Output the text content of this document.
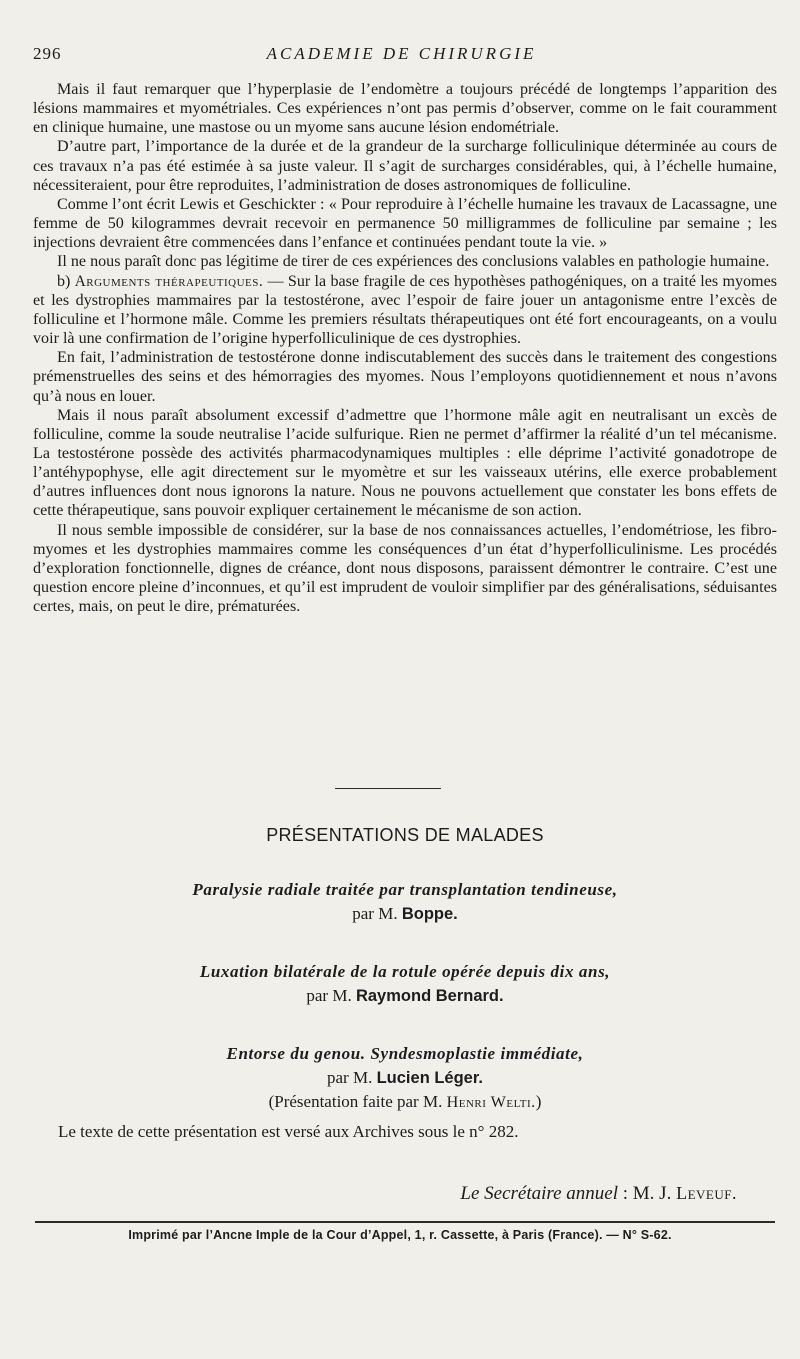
296	ACADEMIE DE CHIRURGIE

Mais il faut remarquer que l’hyperplasie de l’endomètre a toujours précédé de longtemps l’apparition des lésions mammaires et myométriales. Ces expériences n’ont pas permis d’observer, comme on le fait couramment en clinique humaine, une mastose ou un myome sans aucune lésion endométriale.

D’autre part, l’importance de la durée et de la grandeur de la surcharge folliculinique déterminée au cours de ces travaux n’a pas été estimée à sa juste valeur. Il s’agit de surcharges considérables, qui, à l’échelle humaine, nécessiteraient, pour être reproduites, l’administration de doses astronomiques de folliculine.

Comme l’ont écrit Lewis et Geschickter : « Pour reproduire à l’échelle humaine les travaux de Lacassagne, une femme de 50 kilogrammes devrait recevoir en permanence 50 milligrammes de folliculine par semaine ; les injections devraient être commencées dans l’enfance et continuées pendant toute la vie. »

Il ne nous paraît donc pas légitime de tirer de ces expériences des conclusions valables en pathologie humaine.

b) Arguments thérapeutiques. — Sur la base fragile de ces hypothèses pathogéniques, on a traité les myomes et les dystrophies mammaires par la testostérone, avec l’espoir de faire jouer un antagonisme entre l’excès de folliculine et l’hormone mâle. Comme les premiers résultats thérapeutiques ont été fort encourageants, on a voulu voir là une confirmation de l’origine hyperfolliculinique de ces dystrophies.

En fait, l’administration de testostérone donne indiscutablement des succès dans le traitement des congestions prémenstruelles des seins et des hémorragies des myomes. Nous l’employons quotidiennement et nous n’avons qu’à nous en louer.

Mais il nous paraît absolument excessif d’admettre que l’hormone mâle agit en neutralisant un excès de folliculine, comme la soude neutralise l’acide sulfurique. Rien ne permet d’affirmer la réalité d’un tel mécanisme. La testostérone possède des activités pharmacodynamiques multiples : elle déprime l’activité gonadotrope de l’antéhypophyse, elle agit directement sur le myomètre et sur les vaisseaux utérins, elle exerce probablement d’autres influences dont nous ignorons la nature. Nous ne pouvons actuellement que constater les bons effets de cette thérapeutique, sans pouvoir expliquer certainement le mécanisme de son action.

Il nous semble impossible de considérer, sur la base de nos connaissances actuelles, l’endométriose, les fibro-myomes et les dystrophies mammaires comme les conséquences d’un état d’hyperfolliculinisme. Les procédés d’exploration fonctionnelle, dignes de créance, dont nous disposons, paraissent démontrer le contraire. C’est une question encore pleine d’inconnues, et qu’il est imprudent de vouloir simplifier par des généralisations, séduisantes certes, mais, on peut le dire, prématurées.

PRÉSENTATIONS DE MALADES
Paralysie radiale traitée par transplantation tendineuse,
par M. Boppe.
Luxation bilatérale de la rotule opérée depuis dix ans,
par M. Raymond Bernard.
Entorse du genou. Syndesmoplastie immédiate,
par M. Lucien Léger.
(Présentation faite par M. Henri Welti.)
Le texte de cette présentation est versé aux Archives sous le n° 282.
Le Secrétaire annuel : M. J. Leveuf.
Imprimé par l’Ancne Imple de la Cour d’Appel, 1, r. Cassette, à Paris (France). — N° S-62.
